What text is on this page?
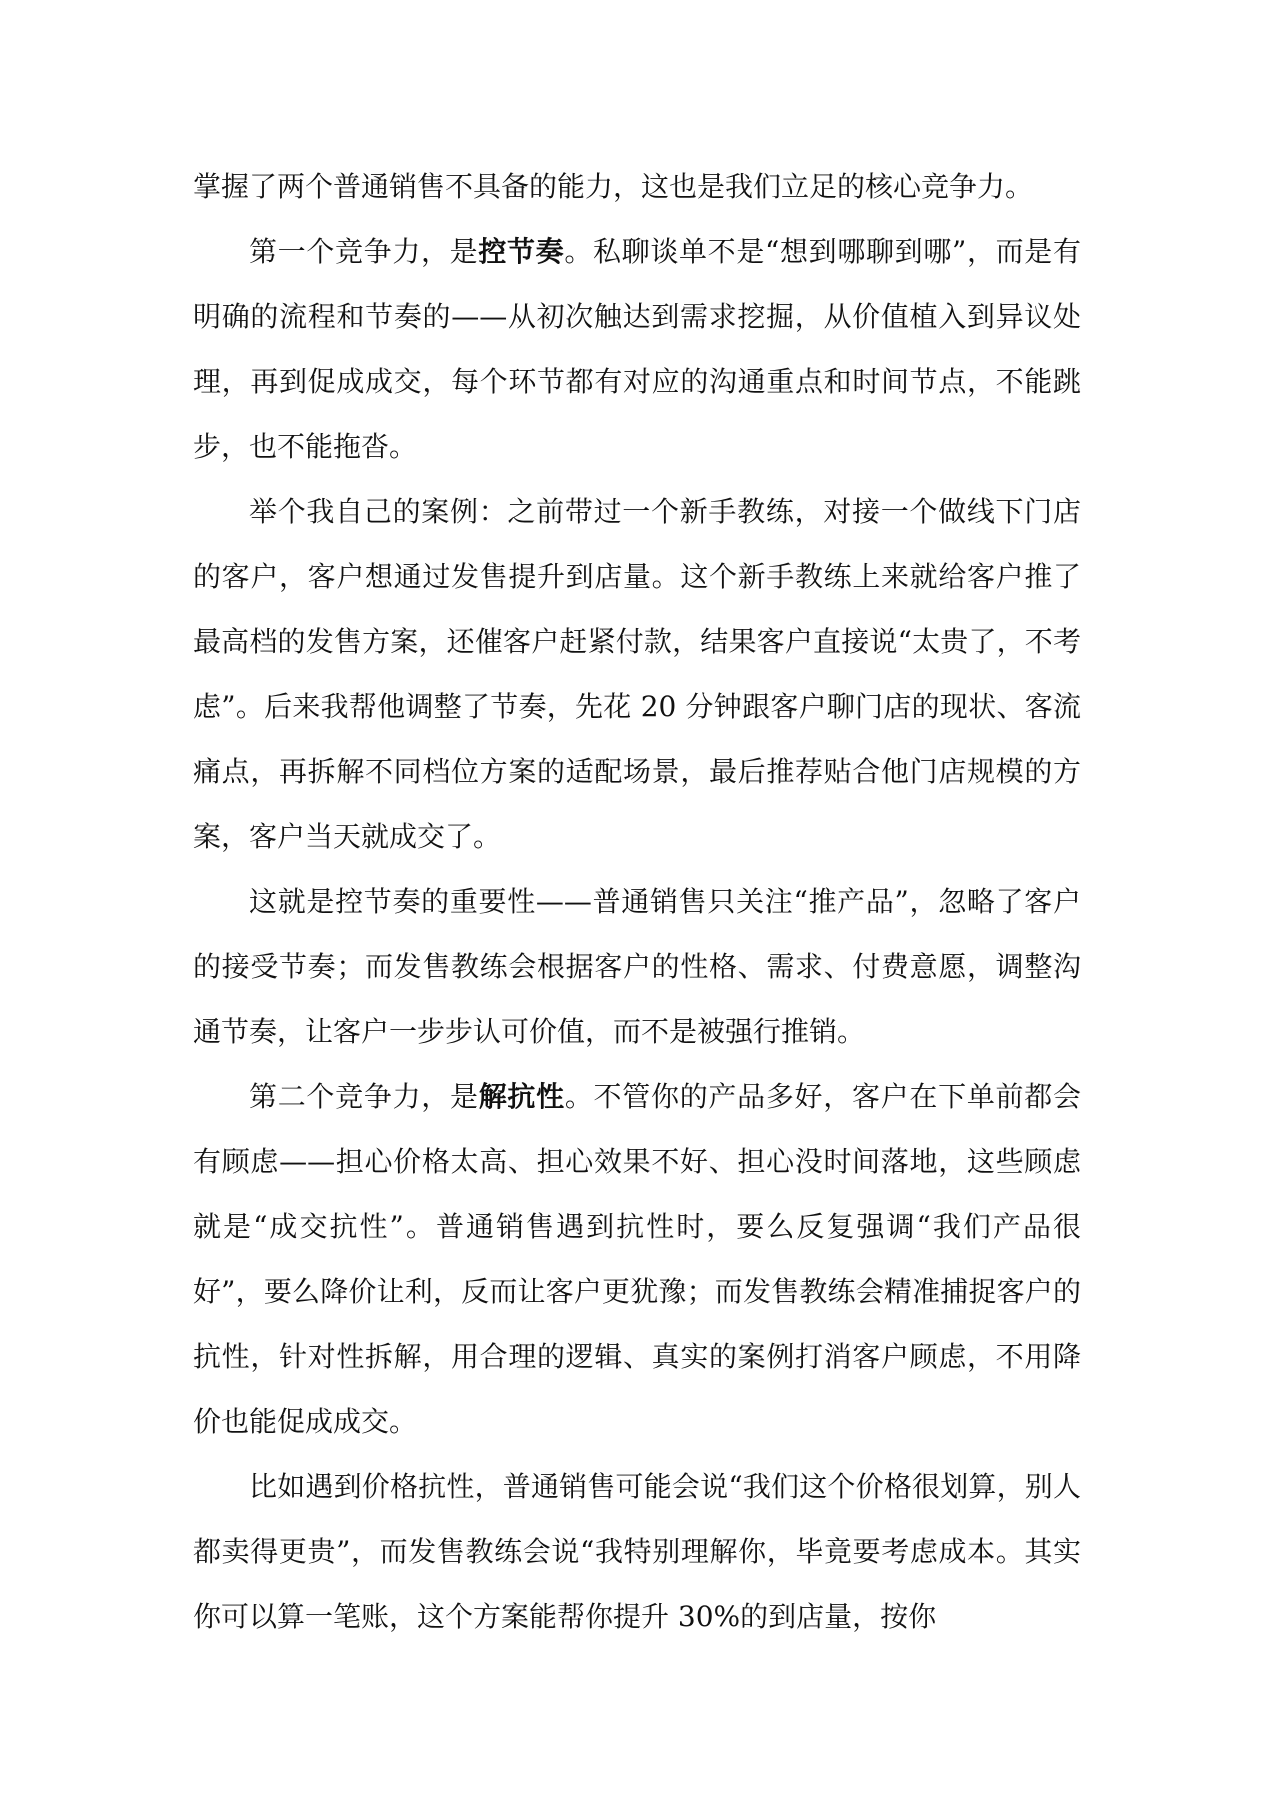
掌握了两个普通销售不具备的能力，这也是我们立足的核心竞争力。

第一个竞争力，是控节奏。私聊谈单不是“想到哪聊到哪”，而是有明确的流程和节奏的——从初次触达到需求挖掘，从价值植入到异议处理，再到促成成交，每个环节都有对应的沟通重点和时间节点，不能跳步，也不能拖沓。

举个我自己的案例：之前带过一个新手教练，对接一个做线下门店的客户，客户想通过发售提升到店量。这个新手教练上来就给客户推了最高档的发售方案，还催客户赶紧付款，结果客户直接说“太贵了，不考虑”。后来我帮他调整了节奏，先花 20 分钟跟客户聊门店的现状、客流痛点，再拆解不同档位方案的适配场景，最后推荐贴合他门店规模的方案，客户当天就成交了。

这就是控节奏的重要性——普通销售只关注“推产品”，忽略了客户的接受节奏；而发售教练会根据客户的性格、需求、付费意愿，调整沟通节奏，让客户一步步认可价值，而不是被强行推销。

第二个竞争力，是解抗性。不管你的产品多好，客户在下单前都会有顾虑——担心价格太高、担心效果不好、担心没时间落地，这些顾虑就是“成交抗性”。普通销售遇到抗性时，要么反复强调“我们产品很好”，要么降价让利，反而让客户更犹豫；而发售教练会精准捕捉客户的抗性，针对性拆解，用合理的逻辑、真实的案例打消客户顾虑，不用降价也能促成成交。

比如遇到价格抗性，普通销售可能会说“我们这个价格很划算，别人都卖得更贵”，而发售教练会说“我特别理解你，毕竟要考虑成本。其实你可以算一笔账，这个方案能帮你提升 30%的到店量，按你
